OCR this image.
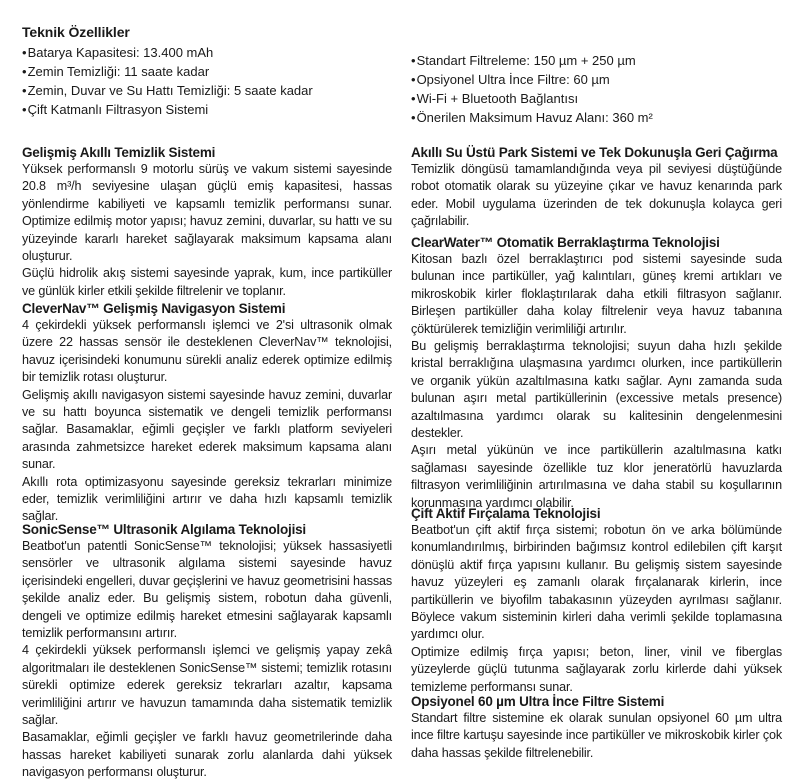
Teknik Özellikler
• Batarya Kapasitesi: 13.400 mAh
• Zemin Temizliği: 11 saate kadar
• Zemin, Duvar ve Su Hattı Temizliği: 5 saate kadar
• Çift Katmanlı Filtrasyon Sistemi
• Standart Filtreleme: 150 µm + 250 µm
• Opsiyonel Ultra İnce Filtre: 60 µm
• Wi-Fi + Bluetooth Bağlantısı
• Önerilen Maksimum Havuz Alanı: 360 m²
Gelişmiş Akıllı Temizlik Sistemi

Yüksek performanslı 9 motorlu sürüş ve vakum sistemi sayesinde 20.8 m³/h seviyesine ulaşan güçlü emiş kapasitesi, hassas yönlendirme kabiliyeti ve kapsamlı temizlik performansı sunar. Optimize edilmiş motor yapısı; havuz zemini, duvarlar, su hattı ve su yüzeyinde kararlı hareket sağlayarak maksimum kapsama alanı oluşturur.

Güçlü hidrolik akış sistemi sayesinde yaprak, kum, ince partiküller ve günlük kirler etkili şekilde filtrelenir ve toplanır.

CleverNav™ Gelişmiş Navigasyon Sistemi

4 çekirdekli yüksek performanslı işlemci ve 2'si ultrasonik olmak üzere 22 hassas sensör ile desteklenen CleverNav™ teknolojisi, havuz içerisindeki konumunu sürekli analiz ederek optimize edilmiş bir temizlik rotası oluşturur.

Gelişmiş akıllı navigasyon sistemi sayesinde havuz zemini, duvarlar ve su hattı boyunca sistematik ve dengeli temizlik performansı sağlar. Basamaklar, eğimli geçişler ve farklı platform seviyeleri arasında zahmetsizce hareket ederek maksimum kapsama alanı sunar.

Akıllı rota optimizasyonu sayesinde gereksiz tekrarları minimize eder, temizlik verimliliğini artırır ve daha hızlı kapsamlı temizlik sağlar.

SonicSense™ Ultrasonik Algılama Teknolojisi

Beatbot'un patentli SonicSense™ teknolojisi; yüksek hassasiyetli sensörler ve ultrasonik algılama sistemi sayesinde havuz içerisindeki engelleri, duvar geçişlerini ve havuz geometrisini hassas şekilde analiz eder. Bu gelişmiş sistem, robotun daha güvenli, dengeli ve optimize edilmiş hareket etmesini sağlayarak kapsamlı temizlik performansını artırır.

4 çekirdekli yüksek performanslı işlemci ve gelişmiş yapay zekâ algoritmaları ile desteklenen SonicSense™ sistemi; temizlik rotasını sürekli optimize ederek gereksiz tekrarları azaltır, kapsama verimliliğini artırır ve havuzun tamamında daha sistematik temizlik sağlar.

Basamaklar, eğimli geçişler ve farklı havuz geometrilerinde daha hassas hareket kabiliyeti sunarak zorlu alanlarda dahi yüksek navigasyon performansı oluşturur.

Akıllı Su Üstü Park Sistemi ve Tek Dokunuşla Geri Çağırma

Temizlik döngüsü tamamlandığında veya pil seviyesi düştüğünde robot otomatik olarak su yüzeyine çıkar ve havuz kenarında park eder. Mobil uygulama üzerinden de tek dokunuşla kolayca geri çağrılabilir.

ClearWater™ Otomatik Berraklaştırma Teknolojisi

Kitosan bazlı özel berraklaştırıcı pod sistemi sayesinde suda bulunan ince partiküller, yağ kalıntıları, güneş kremi artıkları ve mikroskobik kirler floklaştırılarak daha etkili filtrasyon sağlanır. Birleşen partiküller daha kolay filtrelenir veya havuz tabanına çöktürülerek temizliğin verimliliği artırılır.

Bu gelişmiş berraklaştırma teknolojisi; suyun daha hızlı şekilde kristal berraklığına ulaşmasına yardımcı olurken, ince partiküllerin ve organik yükün azaltılmasına katkı sağlar. Aynı zamanda suda bulunan aşırı metal partiküllerinin (excessive metals presence) azaltılmasına yardımcı olarak su kalitesinin dengelenmesini destekler.

Aşırı metal yükünün ve ince partiküllerin azaltılmasına katkı sağlaması sayesinde özellikle tuz klor jeneratörlü havuzlarda filtrasyon verimliliğinin artırılmasına ve daha stabil su koşullarının korunmasına yardımcı olabilir.

Çift Aktif Fırçalama Teknolojisi

Beatbot'un çift aktif fırça sistemi; robotun ön ve arka bölümünde konumlandırılmış, birbirinden bağımsız kontrol edilebilen çift karşıt dönüşlü aktif fırça yapısını kullanır. Bu gelişmiş sistem sayesinde havuz yüzeyleri eş zamanlı olarak fırçalanarak kirlerin, ince partiküllerin ve biyofilm tabakasının yüzeyden ayrılması sağlanır. Böylece vakum sisteminin kirleri daha verimli şekilde toplamasına yardımcı olur.

Optimize edilmiş fırça yapısı; beton, liner, vinil ve fiberglas yüzeylerde güçlü tutunma sağlayarak zorlu kirlerde dahi yüksek temizleme performansı sunar.

Opsiyonel 60 µm Ultra İnce Filtre Sistemi

Standart filtre sistemine ek olarak sunulan opsiyonel 60 µm ultra ince filtre kartuşu sayesinde ince partiküller ve mikroskobik kirler çok daha hassas şekilde filtrelenebilir.
